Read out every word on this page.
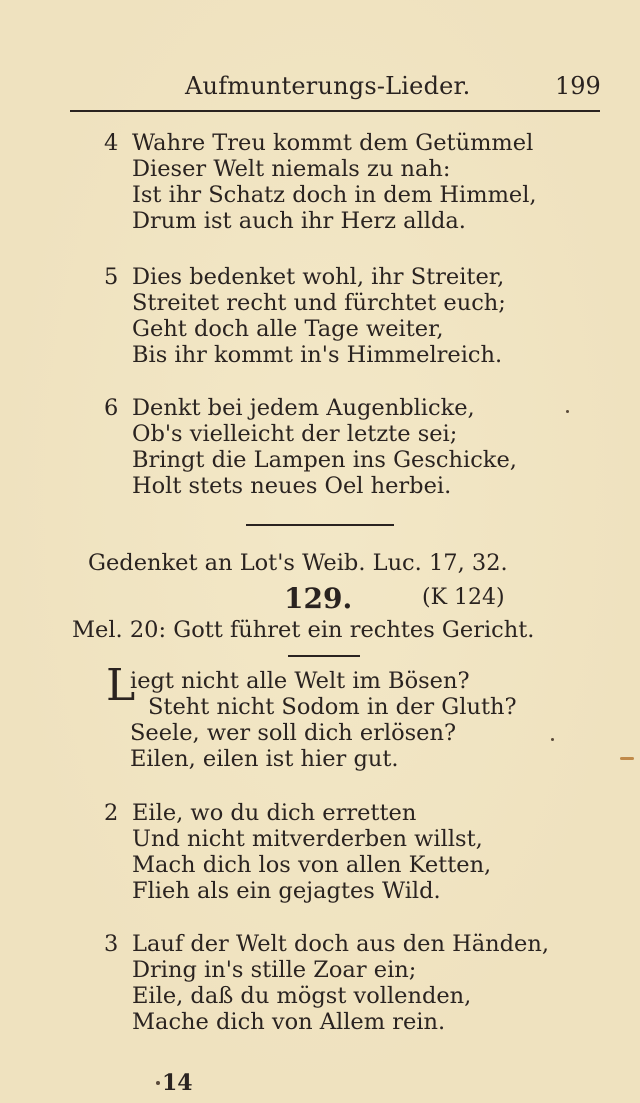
Aufmunterungs-Lieder.	199
4 Wahre Treu kommt dem Getümmel
Dieser Welt niemals zu nah:
Ist ihr Schatz doch in dem Himmel,
Drum ist auch ihr Herz allda.
5 Dies bedenket wohl, ihr Streiter,
Streitet recht und fürchtet euch;
Geht doch alle Tage weiter,
Bis ihr kommt in's Himmelreich.
6 Denkt bei jedem Augenblicke,
Ob's vielleicht der letzte sei;
Bringt die Lampen ins Geschicke,
Holt stets neues Oel herbei.
Gedenket an Lot's Weib. Luc. 17, 32.
129.	(K 124)
Mel. 20: Gott führet ein rechtes Gericht.
L
iegt nicht alle Welt im Bösen?
Steht nicht Sodom in der Gluth?
Seele, wer soll dich erlösen?
Eilen, eilen ist hier gut.
2 Eile, wo du dich erretten
Und nicht mitverderben willst,
Mach dich los von allen Ketten,
Flieh als ein gejagtes Wild.
3 Lauf der Welt doch aus den Händen,
Dring in's stille Zoar ein;
Eile, daß du mögst vollenden,
Mache dich von Allem rein.
14
